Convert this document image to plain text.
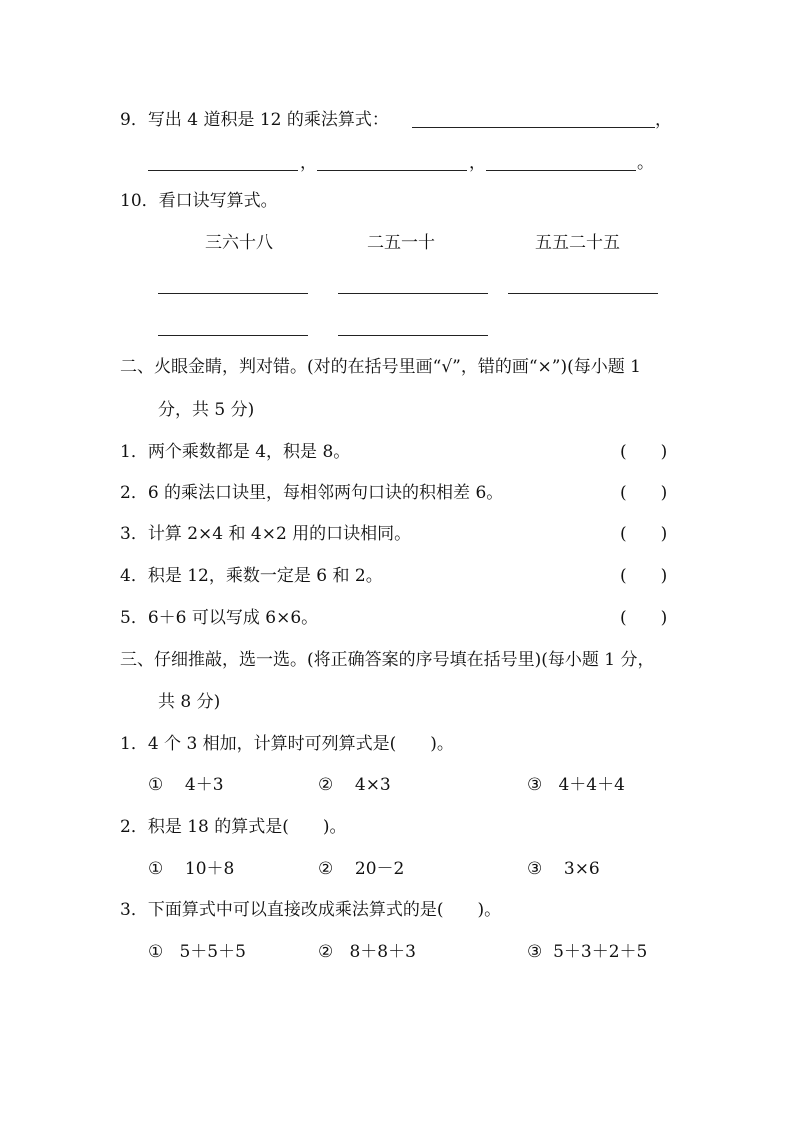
9．写出 4 道积是 12 的乘法算式：	，
，	，	。
10．看口诀写算式。
三六十八	二五一十	五五二十五
二、火眼金睛，判对错。(对的在括号里画“√”，错的画“×”)(每小题 1
分，共 5 分)
1．两个乘数都是 4，积是 8。	(　　)
2．6 的乘法口诀里，每相邻两句口诀的积相差 6。	(　　)
3．计算 2×4 和 4×2 用的口诀相同。	(　　)
4．积是 12，乘数一定是 6 和 2。	(　　)
5．6＋6 可以写成 6×6。	(　　)
三、仔细推敲，选一选。(将正确答案的序号填在括号里)(每小题 1 分，
共 8 分)
1．4 个 3 相加，计算时可列算式是(　　)。
① 4＋3	② 4×3	③ 4＋4＋4
2．积是 18 的算式是(　　)。
① 10＋8	② 20－2	③ 3×6
3．下面算式中可以直接改成乘法算式的是(　　)。
① 5＋5＋5	② 8＋8＋3	③ 5＋3＋2＋5
